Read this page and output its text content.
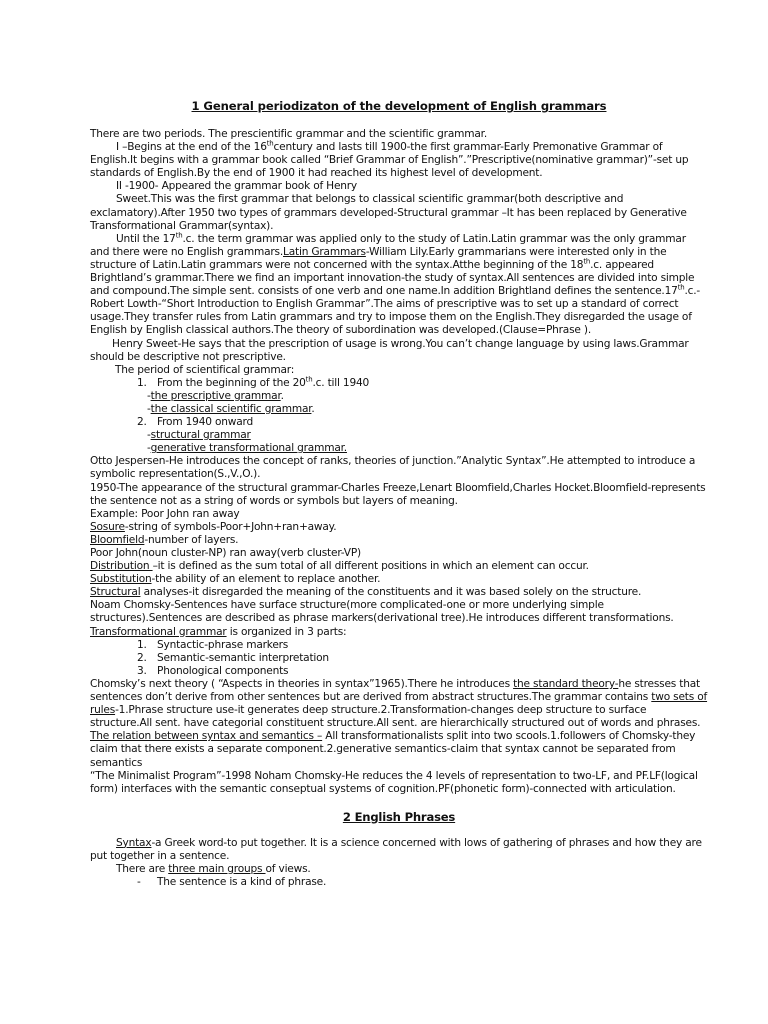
1 General periodizaton of the development of English grammars

There are two periods. The prescientific grammar and the scientific grammar.

I –Begins at the end of the 16thcentury and lasts till 1900-the first grammar-Early Premonative Grammar of English.It begins with a grammar book called “Brief Grammar of English”.”Prescriptive(nominative grammar)”-set up standards of English.By the end of 1900 it had reached its highest level of development.

II -1900- Appeared the grammar book of Henry

Sweet.This was the first grammar that belongs to classical scientific grammar(both descriptive and exclamatory).After 1950 two types of grammars developed-Structural grammar –It has been replaced by Generative Transformational Grammar(syntax).

Until the 17th.c. the term grammar was applied only to the study of Latin.Latin grammar was the only grammar and there were no English grammars.Latin Grammars-William Lily.Early grammarians were interested only in the structure of Latin.Latin grammars were not concerned with the syntax.Atthe beginning of the 18th.c. appeared Brightland’s grammar.There we find an important innovation-the study of syntax.All sentences are divided into simple and compound.The simple sent. consists of one verb and one name.In addition Brightland defines the sentence.17th.c.-Robert Lowth-“Short Introduction to English Grammar”.The aims of prescriptive was to set up a standard of correct usage.They transfer rules from Latin grammars and try to impose them on the English.They disregarded the usage of English by English classical authors.The theory of subordination was developed.(Clause=Phrase ).

Henry Sweet-He says that the prescription of usage is wrong.You can’t change language by using laws.Grammar should be descriptive not prescriptive.

The period of scientifical grammar:

1. From the beginning of the 20th.c. till 1940

-the prescriptive grammar.

-the classical scientific grammar.

2. From 1940 onward

-structural grammar

-generative transformational grammar.

Otto Jespersen-He introduces the concept of ranks, theories of junction.”Analytic Syntax”.He attempted to introduce a symbolic representation(S.,V.,O.).

1950-The appearance of the structural grammar-Charles Freeze,Lenart Bloomfield,Charles Hocket.Bloomfield-represents the sentence not as a string of words or symbols but layers of meaning.

Example: Poor John ran away

Sosure-string of symbols-Poor+John+ran+away.

Bloomfield-number of layers.

Poor John(noun cluster-NP) ran away(verb cluster-VP)

Distribution –it is defined as the sum total of all different positions in which an element can occur.

Substitution-the ability of an element to replace another.

Structural analyses-it disregarded the meaning of the constituents and it was based solely on the structure.

Noam Chomsky-Sentences have surface structure(more complicated-one or more underlying simple structures).Sentences are described as phrase markers(derivational tree).He introduces different transformations.

Transformational grammar is organized in 3 parts:

1. Syntactic-phrase markers

2. Semantic-semantic interpretation

3. Phonological components

Chomsky’s next theory ( “Aspects in theories in syntax”1965).There he introduces the standard theory-he stresses that sentences don’t derive from other sentences but are derived from abstract structures.The grammar contains two sets of rules-1.Phrase structure use-it generates deep structure.2.Transformation-changes deep structure to surface structure.All sent. have categorial constituent structure.All sent. are hierarchically structured out of words and phrases.

The relation between syntax and semantics – All transformationalists split into two scools.1.followers of Chomsky-they claim that there exists a separate component.2.generative semantics-claim that syntax cannot be separated from semantics

“The Minimalist Program”-1998 Noham Chomsky-He reduces the 4 levels of representation to two-LF, and PF.LF(logical form) interfaces with the semantic conseptual systems of cognition.PF(phonetic form)-connected with articulation.

2 English Phrases

Syntax-a Greek word-to put together. It is a science concerned with lows of gathering of phrases and how they are put together in a sentence.

There are three main groups of views.

- The sentence is a kind of phrase.
